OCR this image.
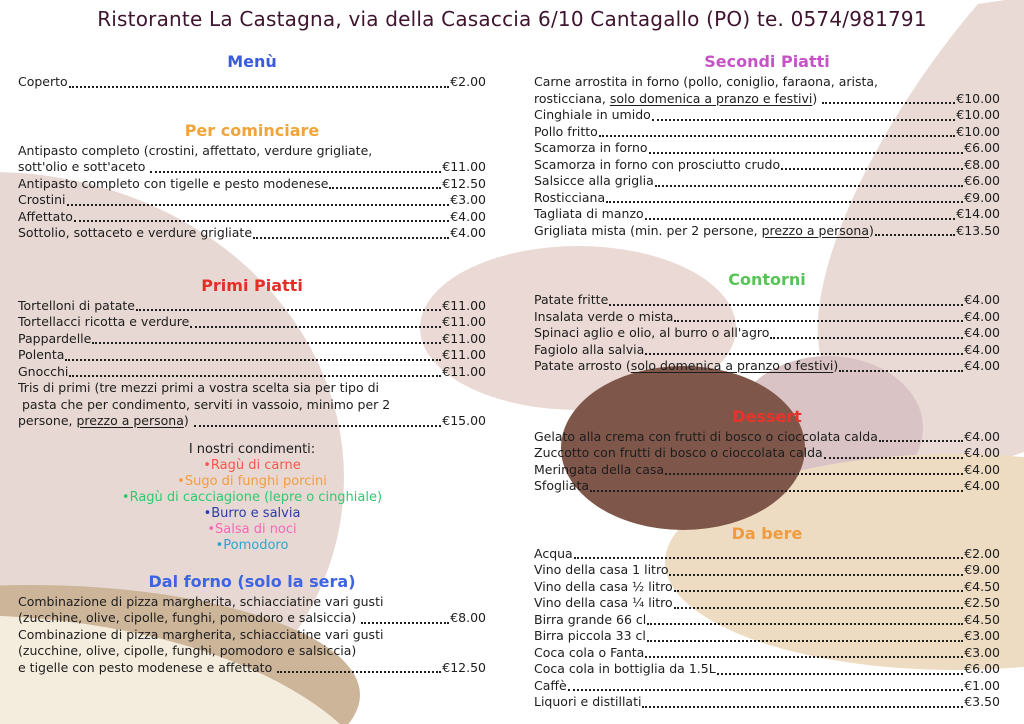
Ristorante La Castagna, via della Casaccia 6/10 Cantagallo (PO) te. 0574/981791
Menù
Coperto	€2.00
Per cominciare
Antipasto completo (crostini, affettato, verdure grigliate,
sott'olio e sott'aceto	€11.00
Antipasto completo con tigelle e pesto modenese	€12.50
Crostini	€3.00
Affettato	€4.00
Sottolio, sottaceto e verdure grigliate	€4.00
Primi Piatti
Tortelloni di patate	€11.00
Tortellacci ricotta e verdure	€11.00
Pappardelle	€11.00
Polenta	€11.00
Gnocchi	€11.00
Tris di primi (tre mezzi primi a vostra scelta sia per tipo di
pasta che per condimento, serviti in vassoio, minimo per 2
persone, prezzo a persona)	€15.00
I nostri condimenti:
•Ragù di carne
•Sugo di funghi porcini
•Ragù di cacciagione (lepre o cinghiale)
•Burro e salvia
•Salsa di noci
•Pomodoro
Dal forno (solo la sera)
Combinazione di pizza margherita, schiacciatine vari gusti
(zucchine, olive, cipolle, funghi, pomodoro e salsiccia)	€8.00
Combinazione di pizza margherita, schiacciatine vari gusti
(zucchine, olive, cipolle, funghi, pomodoro e salsiccia)
e tigelle con pesto modenese e affettato	€12.50
Secondi Piatti
Carne arrostita in forno (pollo, coniglio, faraona, arista,
rosticciana, solo domenica a pranzo e festivi)	€10.00
Cinghiale in umido	€10.00
Pollo fritto	€10.00
Scamorza in forno	€6.00
Scamorza in forno con prosciutto crudo	€8.00
Salsicce alla griglia	€6.00
Rosticciana	€9.00
Tagliata di manzo	€14.00
Grigliata mista (min. per 2 persone, prezzo a persona)	€13.50
Contorni
Patate fritte	€4.00
Insalata verde o mista	€4.00
Spinaci aglio e olio, al burro o all'agro	€4.00
Fagiolo alla salvia	€4.00
Patate arrosto (solo domenica a pranzo o festivi)	€4.00
Dessert
Gelato alla crema con frutti di bosco o cioccolata calda	€4.00
Zuccotto con frutti di bosco o cioccolata calda	€4.00
Meringata della casa	€4.00
Sfogliata	€4.00
Da bere
Acqua	€2.00
Vino della casa 1 litro	€9.00
Vino della casa ½ litro	€4.50
Vino della casa ¼ litro	€2.50
Birra grande 66 cl	€4.50
Birra piccola 33 cl	€3.00
Coca cola o Fanta	€3.00
Coca cola in bottiglia da 1.5L	€6.00
Caffè	€1.00
Liquori e distillati	€3.50
